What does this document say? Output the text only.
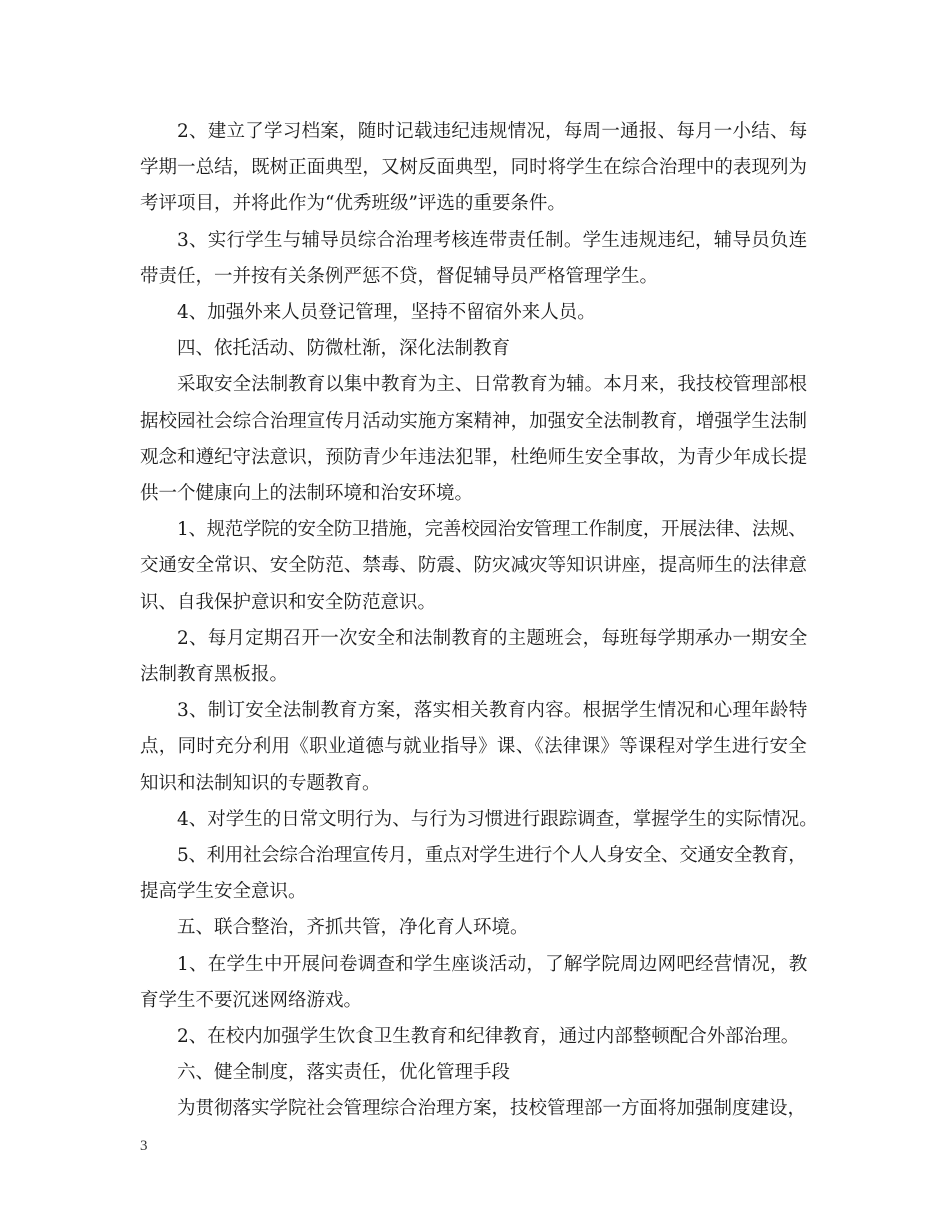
2、建立了学习档案，随时记载违纪违规情况，每周一通报、每月一小结、每
学期一总结，既树正面典型，又树反面典型，同时将学生在综合治理中的表现列为
考评项目，并将此作为“优秀班级”评选的重要条件。
3、实行学生与辅导员综合治理考核连带责任制。学生违规违纪，辅导员负连
带责任，一并按有关条例严惩不贷，督促辅导员严格管理学生。
4、加强外来人员登记管理，坚持不留宿外来人员。
四、依托活动、防微杜渐，深化法制教育
采取安全法制教育以集中教育为主、日常教育为辅。本月来，我技校管理部根
据校园社会综合治理宣传月活动实施方案精神，加强安全法制教育，增强学生法制
观念和遵纪守法意识，预防青少年违法犯罪，杜绝师生安全事故，为青少年成长提
供一个健康向上的法制环境和治安环境。
1、规范学院的安全防卫措施，完善校园治安管理工作制度，开展法律、法规、
交通安全常识、安全防范、禁毒、防震、防灾减灾等知识讲座，提高师生的法律意
识、自我保护意识和安全防范意识。
2、每月定期召开一次安全和法制教育的主题班会，每班每学期承办一期安全
法制教育黑板报。
3、制订安全法制教育方案，落实相关教育内容。根据学生情况和心理年龄特
点，同时充分利用《职业道德与就业指导》课、《法律课》等课程对学生进行安全
知识和法制知识的专题教育。
4、对学生的日常文明行为、与行为习惯进行跟踪调查，掌握学生的实际情况。
5、利用社会综合治理宣传月，重点对学生进行个人人身安全、交通安全教育，
提高学生安全意识。
五、联合整治，齐抓共管，净化育人环境。
1、在学生中开展问卷调查和学生座谈活动，了解学院周边网吧经营情况，教
育学生不要沉迷网络游戏。
2、在校内加强学生饮食卫生教育和纪律教育，通过内部整顿配合外部治理。
六、健全制度，落实责任，优化管理手段
为贯彻落实学院社会管理综合治理方案，技校管理部一方面将加强制度建设，
3
